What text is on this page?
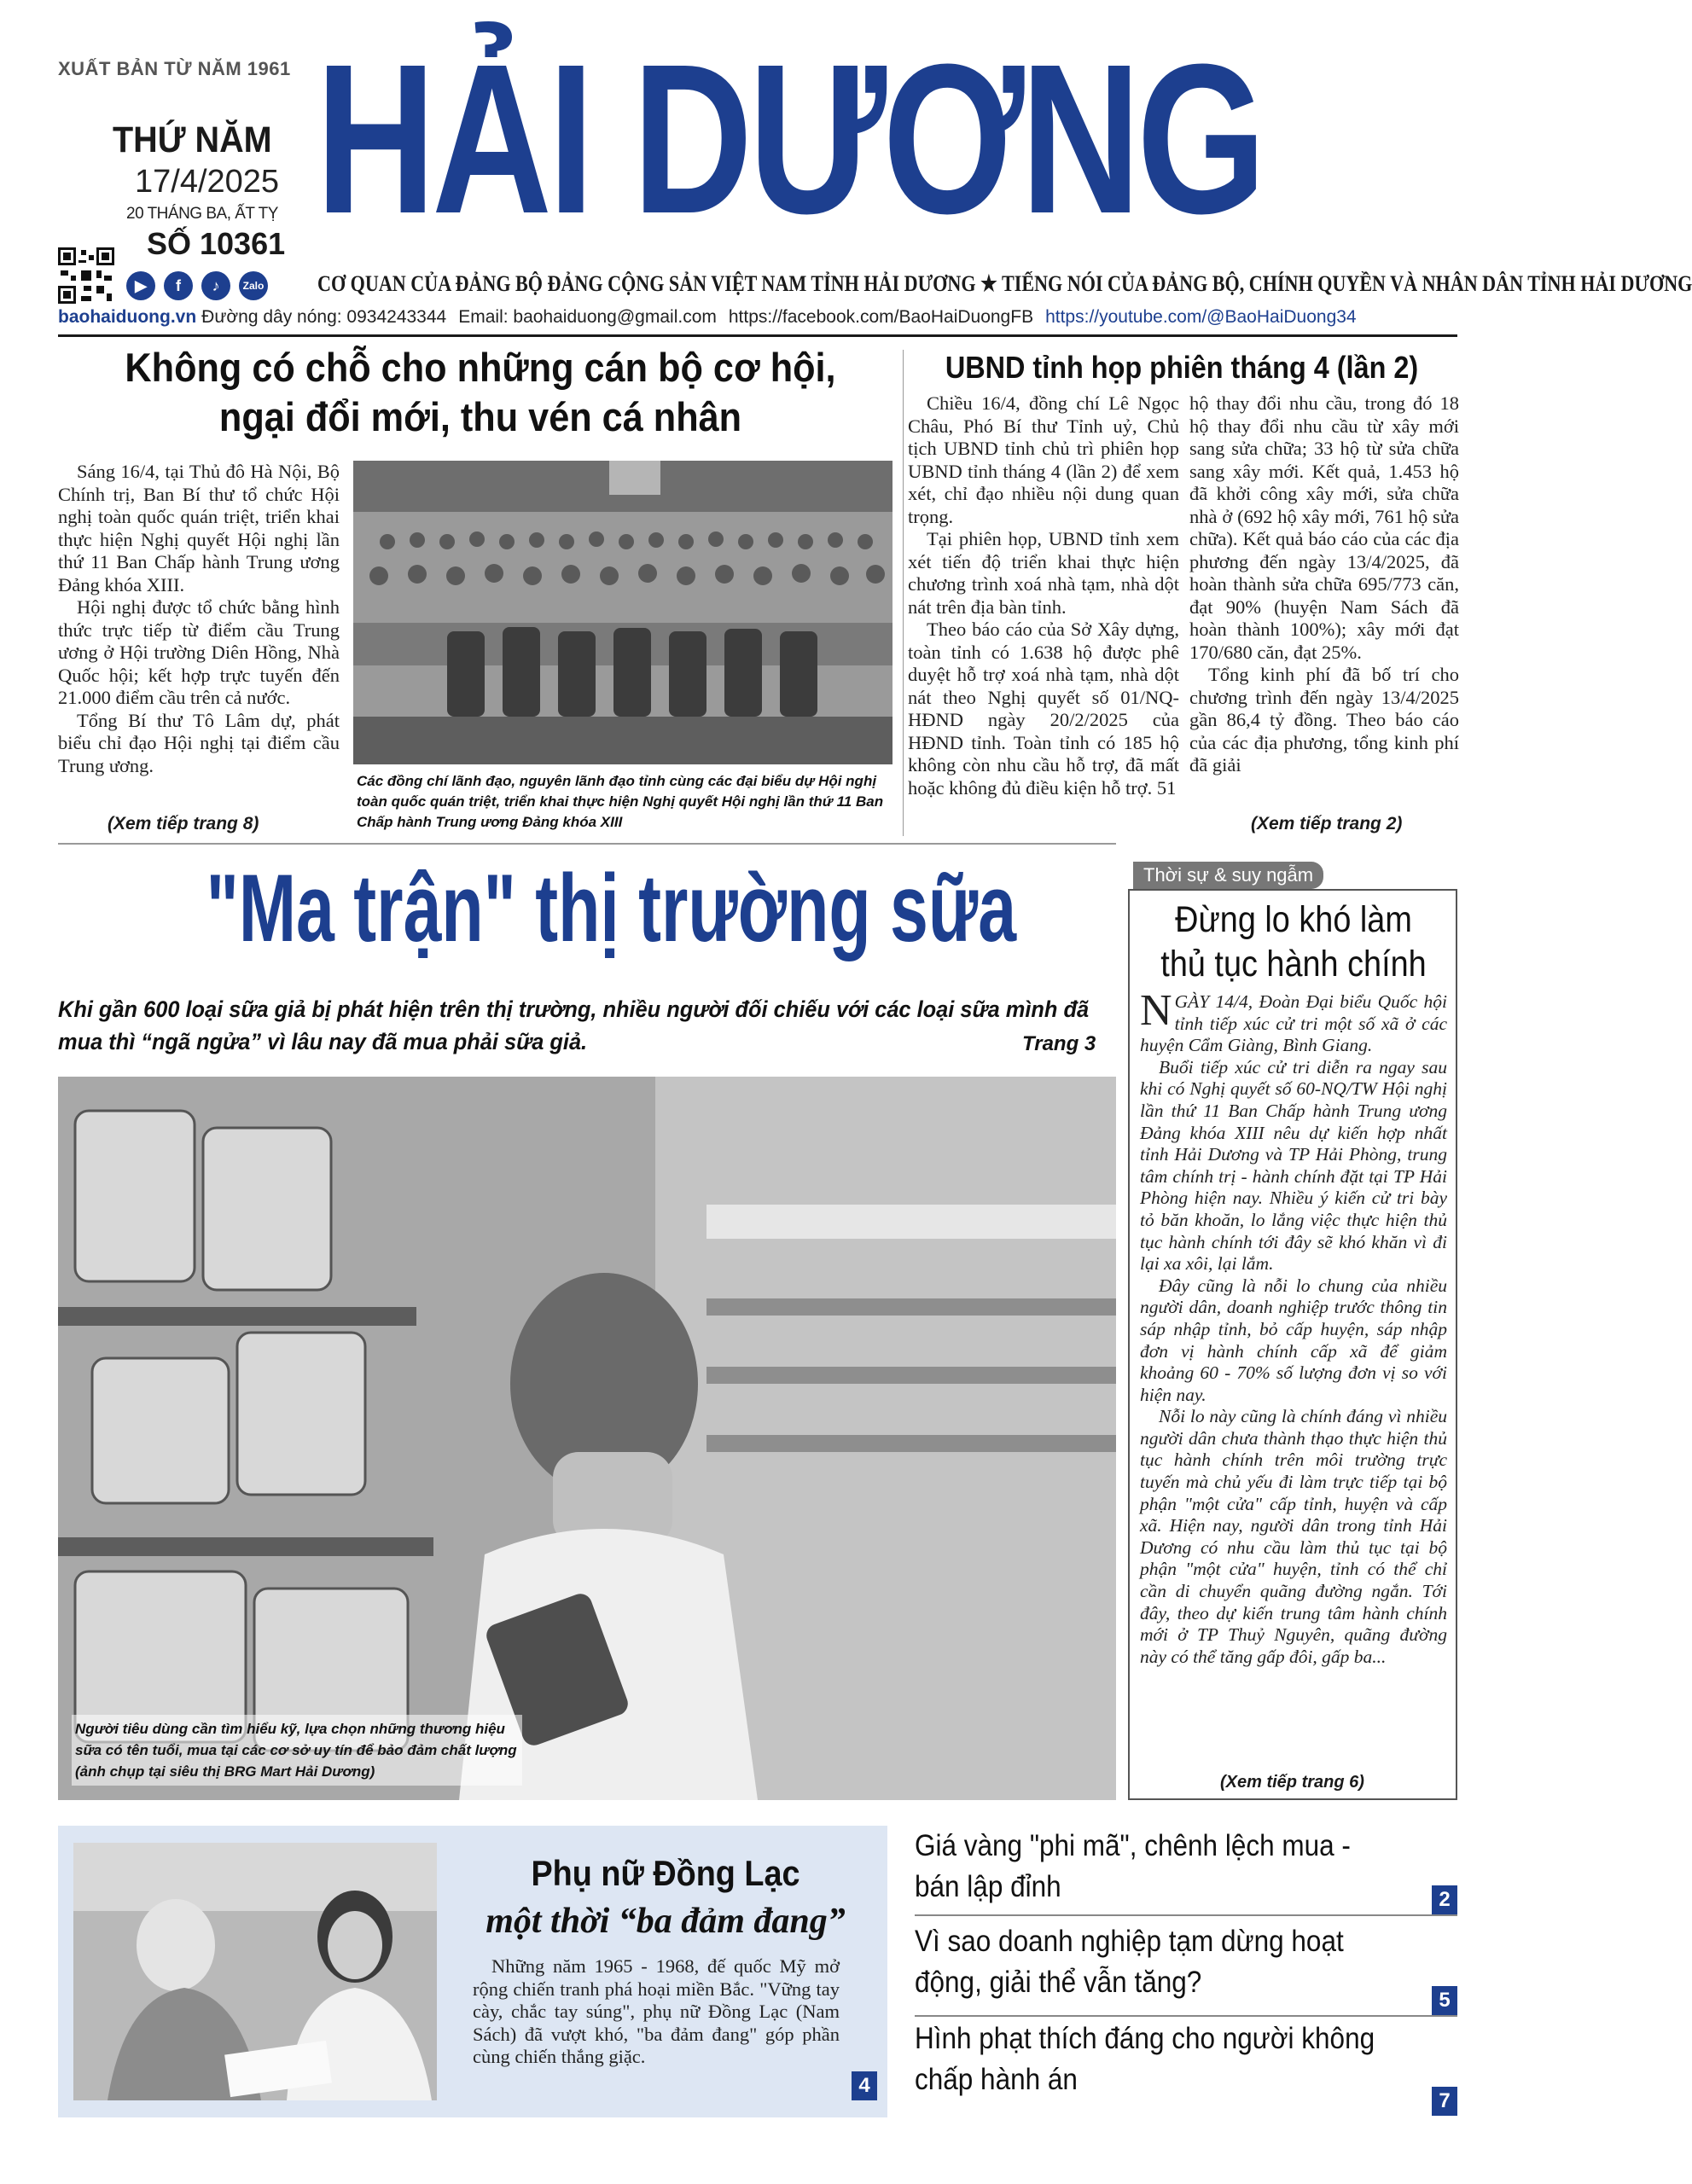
XUẤT BẢN TỪ NĂM 1961
THỨ NĂM
17/4/2025
20 THÁNG BA, ẤT TỴ
SỐ 10361
▶	f	♪	Zalo
HẢI DƯƠNG
CƠ QUAN CỦA ĐẢNG BỘ ĐẢNG CỘNG SẢN VIỆT NAM TỈNH HẢI DƯƠNG ★ TIẾNG NÓI CỦA ĐẢNG BỘ, CHÍNH QUYỀN VÀ NHÂN DÂN TỈNH HẢI DƯƠNG
baohaiduong.vn Đường dây nóng: 0934243344 Email: baohaiduong@gmail.com https://facebook.com/BaoHaiDuongFB https://youtube.com/@BaoHaiDuong34
Không có chỗ cho những cán bộ cơ hội, ngại đổi mới, thu vén cá nhân

Sáng 16/4, tại Thủ đô Hà Nội, Bộ Chính trị, Ban Bí thư tổ chức Hội nghị toàn quốc quán triệt, triển khai thực hiện Nghị quyết Hội nghị lần thứ 11 Ban Chấp hành Trung ương Đảng khóa XIII.

Hội nghị được tổ chức bằng hình thức trực tiếp từ điểm cầu Trung ương ở Hội trường Diên Hồng, Nhà Quốc hội; kết hợp trực tuyến đến 21.000 điểm cầu trên cả nước.

Tổng Bí thư Tô Lâm dự, phát biểu chỉ đạo Hội nghị tại điểm cầu Trung ương.

(Xem tiếp trang 8)
Các đồng chí lãnh đạo, nguyên lãnh đạo tỉnh cùng các đại biểu dự Hội nghị toàn quốc quán triệt, triển khai thực hiện Nghị quyết Hội nghị lần thứ 11 Ban Chấp hành Trung ương Đảng khóa XIII
UBND tỉnh họp phiên tháng 4 (lần 2)

Chiều 16/4, đồng chí Lê Ngọc Châu, Phó Bí thư Tỉnh uỷ, Chủ tịch UBND tỉnh chủ trì phiên họp UBND tỉnh tháng 4 (lần 2) để xem xét, chỉ đạo nhiều nội dung quan trọng.

Tại phiên họp, UBND tỉnh xem xét tiến độ triển khai thực hiện chương trình xoá nhà tạm, nhà dột nát trên địa bàn tỉnh.

Theo báo cáo của Sở Xây dựng, toàn tỉnh có 1.638 hộ được phê duyệt hỗ trợ xoá nhà tạm, nhà dột nát theo Nghị quyết số 01/NQ-HĐND ngày 20/2/2025 của HĐND tỉnh. Toàn tỉnh có 185 hộ không còn nhu cầu hỗ trợ, đã mất hoặc không đủ điều kiện hỗ trợ. 51

hộ thay đổi nhu cầu, trong đó 18 hộ thay đổi nhu cầu từ xây mới sang sửa chữa; 33 hộ từ sửa chữa sang xây mới. Kết quả, 1.453 hộ đã khởi công xây mới, sửa chữa nhà ở (692 hộ xây mới, 761 hộ sửa chữa). Kết quả báo cáo của các địa phương đến ngày 13/4/2025, đã hoàn thành sửa chữa 695/773 căn, đạt 90% (huyện Nam Sách đã hoàn thành 100%); xây mới đạt 170/680 căn, đạt 25%.

Tổng kinh phí đã bố trí cho chương trình đến ngày 13/4/2025 gần 86,4 tỷ đồng. Theo báo cáo của các địa phương, tổng kinh phí đã giải

(Xem tiếp trang 2)
"Ma trận" thị trường sữa
Khi gần 600 loại sữa giả bị phát hiện trên thị trường, nhiều người đối chiếu với các loại sữa mình đã mua thì “ngã ngửa” vì lâu nay đã mua phải sữa giả.	Trang 3
Người tiêu dùng cần tìm hiểu kỹ, lựa chọn những thương hiệu sữa có tên tuổi, mua tại các cơ sở uy tín để bảo đảm chất lượng (ảnh chụp tại siêu thị BRG Mart Hải Dương)
Thời sự & suy ngẫm
Đừng lo khó làm thủ tục hành chính

NGÀY 14/4, Đoàn Đại biểu Quốc hội tỉnh tiếp xúc cử tri một số xã ở các huyện Cẩm Giàng, Bình Giang.

Buổi tiếp xúc cử tri diễn ra ngay sau khi có Nghị quyết số 60-NQ/TW Hội nghị lần thứ 11 Ban Chấp hành Trung ương Đảng khóa XIII nêu dự kiến hợp nhất tỉnh Hải Dương và TP Hải Phòng, trung tâm chính trị - hành chính đặt tại TP Hải Phòng hiện nay. Nhiều ý kiến cử tri bày tỏ băn khoăn, lo lắng việc thực hiện thủ tục hành chính tới đây sẽ khó khăn vì đi lại xa xôi, lại lắm.

Đây cũng là nỗi lo chung của nhiều người dân, doanh nghiệp trước thông tin sáp nhập tỉnh, bỏ cấp huyện, sáp nhập đơn vị hành chính cấp xã để giảm khoảng 60 - 70% số lượng đơn vị so với hiện nay.

Nỗi lo này cũng là chính đáng vì nhiều người dân chưa thành thạo thực hiện thủ tục hành chính trên môi trường trực tuyến mà chủ yếu đi làm trực tiếp tại bộ phận "một cửa" cấp tỉnh, huyện và cấp xã. Hiện nay, người dân trong tỉnh Hải Dương có nhu cầu làm thủ tục tại bộ phận "một cửa" huyện, tỉnh có thể chỉ cần di chuyển quãng đường ngắn. Tới đây, theo dự kiến trung tâm hành chính mới ở TP Thuỷ Nguyên, quãng đường này có thể tăng gấp đôi, gấp ba...

(Xem tiếp trang 6)
Phụ nữ Đồng Lạc
một thời “ba đảm đang”

Những năm 1965 - 1968, đế quốc Mỹ mở rộng chiến tranh phá hoại miền Bắc. "Vững tay cày, chắc tay súng", phụ nữ Đồng Lạc (Nam Sách) đã vượt khó, "ba đảm đang" góp phần cùng chiến thắng giặc.

4
Giá vàng "phi mã", chênh lệch mua - bán lập đỉnh	2
Vì sao doanh nghiệp tạm dừng hoạt động, giải thể vẫn tăng?
5
Hình phạt thích đáng cho người không chấp hành án
7
